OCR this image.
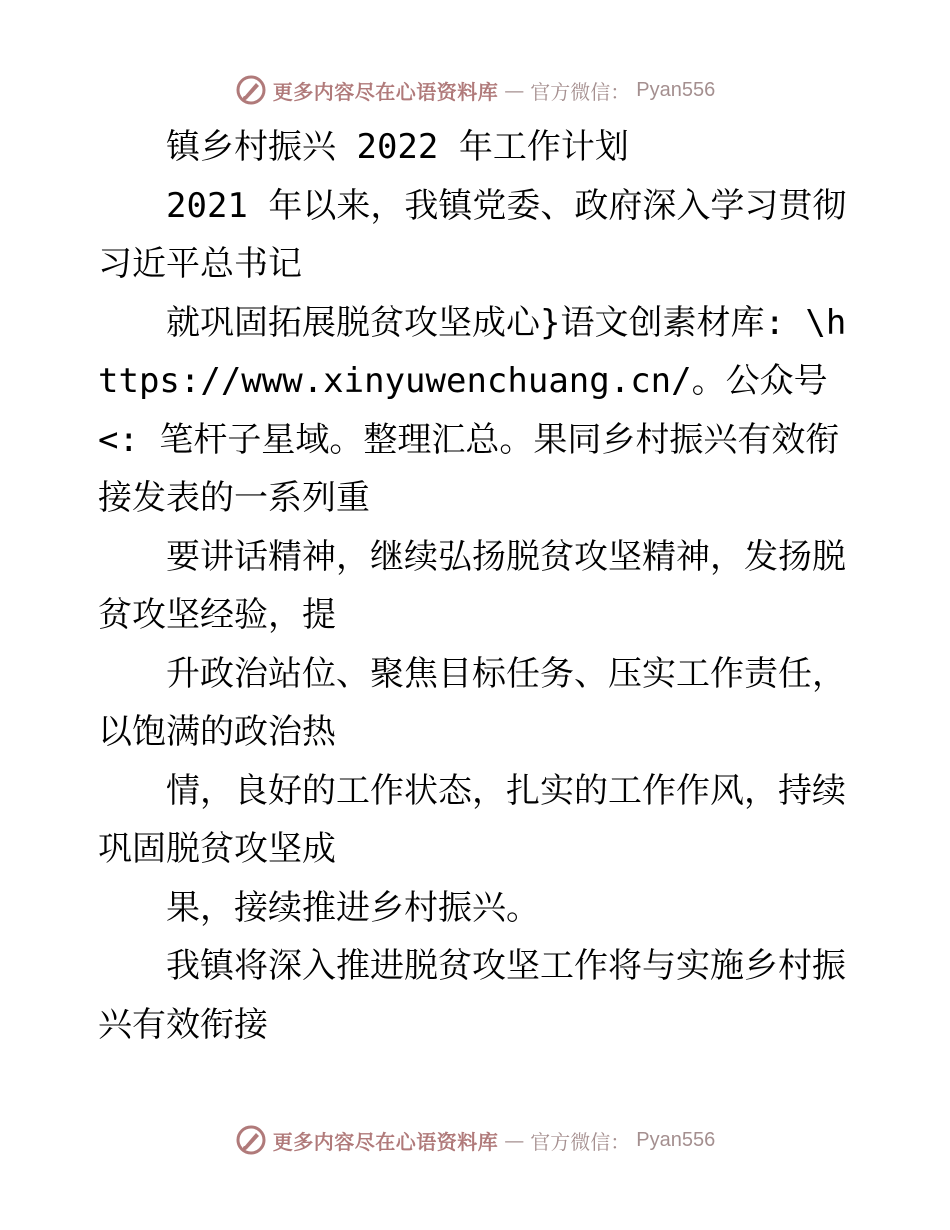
更多内容尽在心语资料库 — 官方微信： Pyan556

镇乡村振兴 2022 年工作计划

2021 年以来，我镇党委、政府深入学习贯彻习近平总书记

就巩固拓展脱贫攻坚成心}语文创素材库: \https://www.xinyuwenchuang.cn/。公众号<: 笔杆子星域。整理汇总。果同乡村振兴有效衔接发表的一系列重

要讲话精神，继续弘扬脱贫攻坚精神，发扬脱贫攻坚经验，提

升政治站位、聚焦目标任务、压实工作责任，以饱满的政治热

情，良好的工作状态，扎实的工作作风，持续巩固脱贫攻坚成

果，接续推进乡村振兴。

我镇将深入推进脱贫攻坚工作将与实施乡村振兴有效衔接

更多内容尽在心语资料库 — 官方微信： Pyan556
